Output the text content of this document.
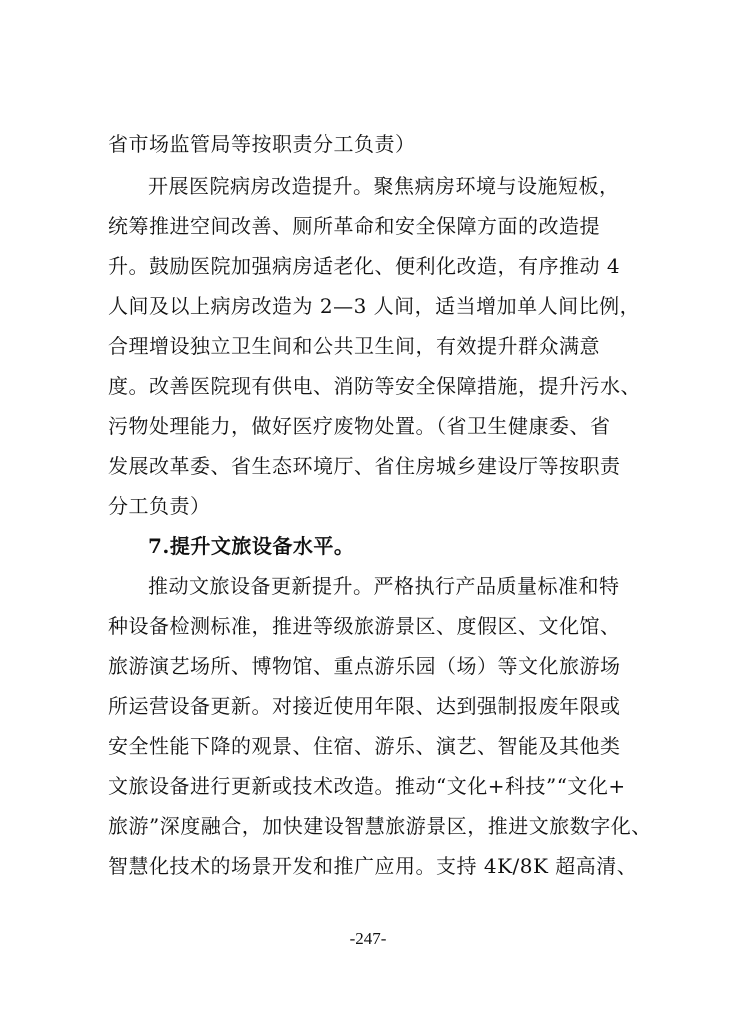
省市场监管局等按职责分工负责）
开展医院病房改造提升。聚焦病房环境与设施短板，
统筹推进空间改善、厕所革命和安全保障方面的改造提
升。鼓励医院加强病房适老化、便利化改造，有序推动 4
人间及以上病房改造为 2—3 人间，适当增加单人间比例，
合理增设独立卫生间和公共卫生间，有效提升群众满意
度。改善医院现有供电、消防等安全保障措施，提升污水、
污物处理能力，做好医疗废物处置。（省卫生健康委、省
发展改革委、省生态环境厅、省住房城乡建设厅等按职责
分工负责）
7.提升文旅设备水平。
推动文旅设备更新提升。严格执行产品质量标准和特
种设备检测标准，推进等级旅游景区、度假区、文化馆、
旅游演艺场所、博物馆、重点游乐园（场）等文化旅游场
所运营设备更新。对接近使用年限、达到强制报废年限或
安全性能下降的观景、住宿、游乐、演艺、智能及其他类
文旅设备进行更新或技术改造。推动“文化+科技”“文化+
旅游”深度融合，加快建设智慧旅游景区，推进文旅数字化、
智慧化技术的场景开发和推广应用。支持 4K/8K 超高清、
-247-
